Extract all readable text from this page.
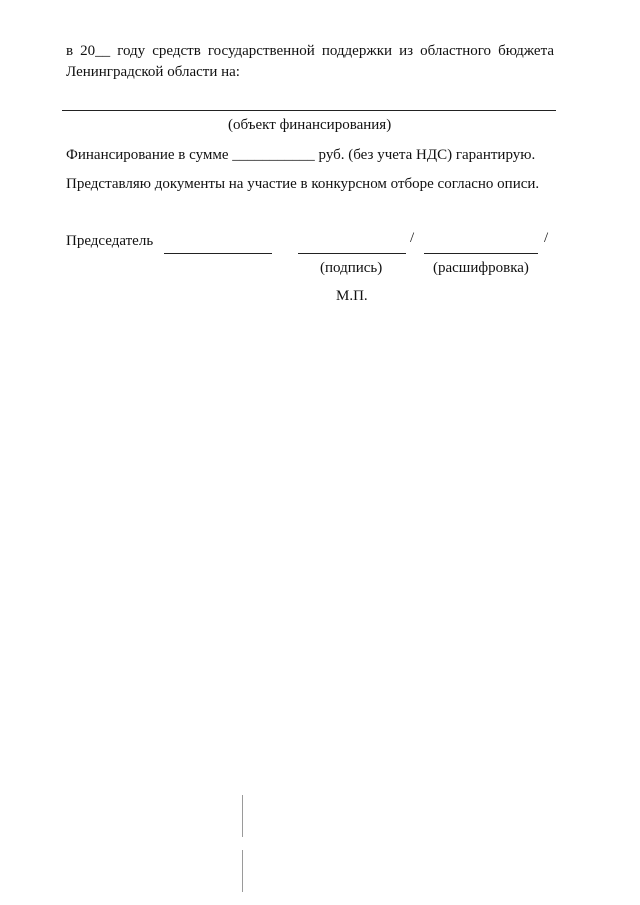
в 20__ году средств государственной поддержки из областного бюджета
Ленинградской области на:
(объект финансирования)
Финансирование в сумме ___________ руб. (без учета НДС) гарантирую.
Представляю документы на участие в конкурсном отборе согласно описи.
Председатель	/	/
(подпись)	(расшифровка)
М.П.
